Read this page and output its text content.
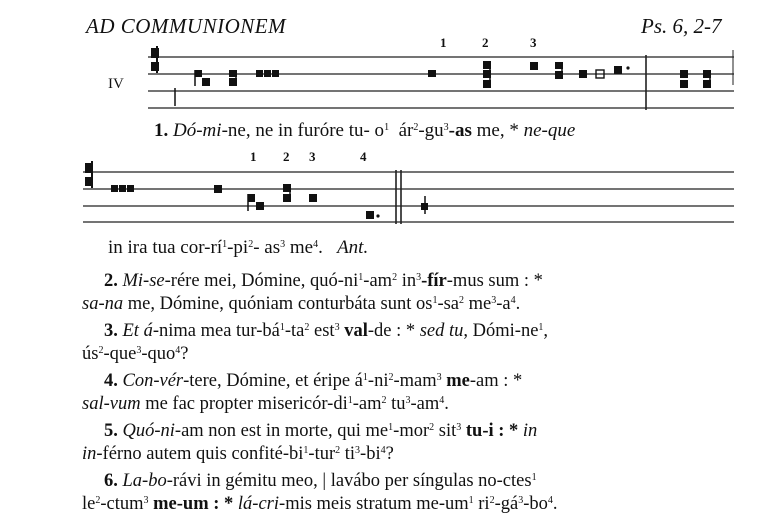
AD COMMUNIONEM	Ps. 6, 2-7
IV
1	2	3
1 2 3	4
1. Dó-mi-ne, ne in furóre tu- $o^1$ $ár^2-gu^3-as$ me, * ne-que
in ira tua cor-$rí^1-pi^2-$ $as^3$ $me^4$. Ant.
2. Mi-se-rére mei, Dómine, quó-$ni^1-am^2$ $in^3-fír$-mus sum : *
sa-na me, Dómine, quóniam conturbáta sunt $os^1-sa^2$ $me^3-a^4$.
3. Et á-nima mea tur-$bá^1-ta^2$ est$^3$ val-de : * sed tu, Dómi-$ne^1$,
$ús^2-que^3-quo^4$?
4. Con-vér-tere, Dómine, et éripe $á^1-ni^2-mam^3$ me-am : *
sal-vum me fac propter misericór-$di^1-am^2$ $tu^3-am^4$.
5. Quó-ni-am non est in morte, qui $me^1-mor^2$ sit$^3$ tu-i : * in
in-férno autem quis confité-$bi^1-tur^2$ $ti^3-bi^4$?
6. La-bo-rávi in gémitu meo, | lavábo per síngulas no-ctes$^1$
$le^2-ctum^3$ me-um : * lá-cri-mis meis stratum $me-um^1$ $ri^2-gá^3-bo^4$.
